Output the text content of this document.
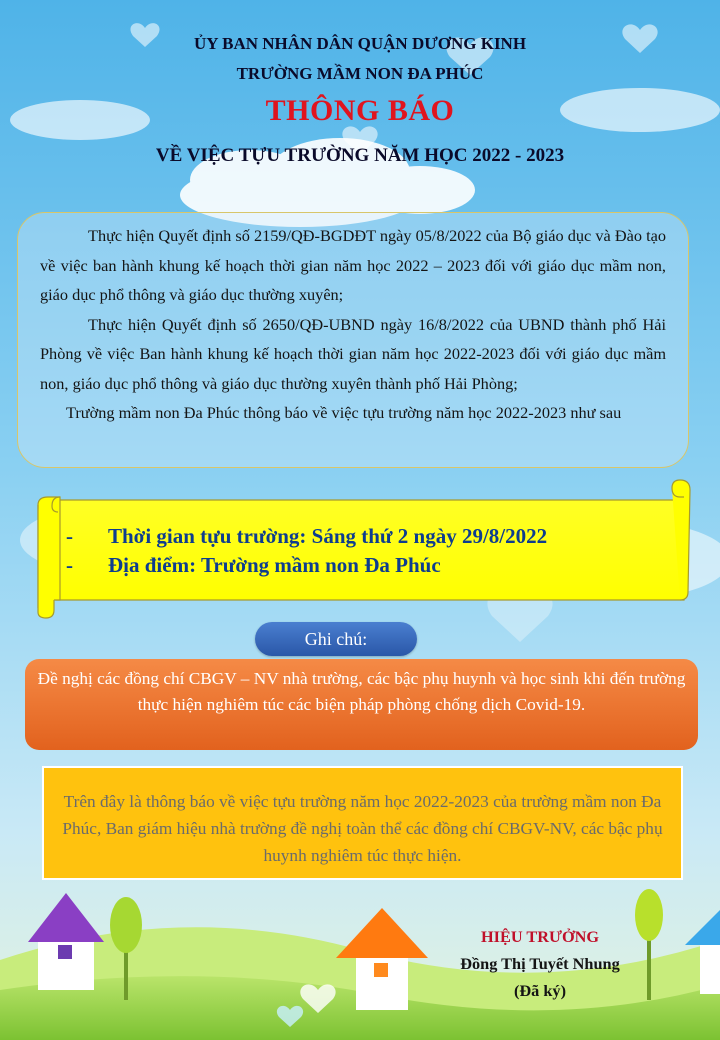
ỦY BAN NHÂN DÂN QUẬN DƯƠNG KINH
TRƯỜNG MẦM NON ĐA PHÚC
THÔNG BÁO
VỀ VIỆC TỰU TRƯỜNG NĂM HỌC 2022 - 2023

Thực hiện Quyết định số 2159/QĐ-BGDĐT ngày 05/8/2022 của Bộ giáo dục và Đào tạo về việc ban hành khung kế hoạch thời gian năm học 2022 – 2023 đối với giáo dục mầm non, giáo dục phổ thông và giáo dục thường xuyên;

Thực hiện Quyết định số 2650/QĐ-UBND ngày 16/8/2022 của UBND thành phố Hải Phòng về việc Ban hành khung kế hoạch thời gian năm học 2022-2023 đối với giáo dục mầm non, giáo dục phổ thông và giáo dục thường xuyên thành phố Hải Phòng;

Trường mầm non Đa Phúc thông báo về việc tựu trường năm học 2022-2023 như sau

- Thời gian tựu trường: Sáng thứ 2 ngày 29/8/2022
- Địa điểm: Trường mầm non Đa Phúc
Ghi chú:
Đề nghị các đồng chí CBGV – NV nhà trường, các bậc phụ huynh và học sinh khi đến trường thực hiện nghiêm túc các biện pháp phòng chống dịch Covid-19.
Trên đây là thông báo về việc tựu trường năm học 2022-2023 của trường mầm non Đa Phúc, Ban giám hiệu nhà trường đề nghị toàn thể các đồng chí CBGV-NV, các bậc phụ huynh nghiêm túc thực hiện.
HIỆU TRƯỞNG
Đồng Thị Tuyết Nhung
(Đã ký)
